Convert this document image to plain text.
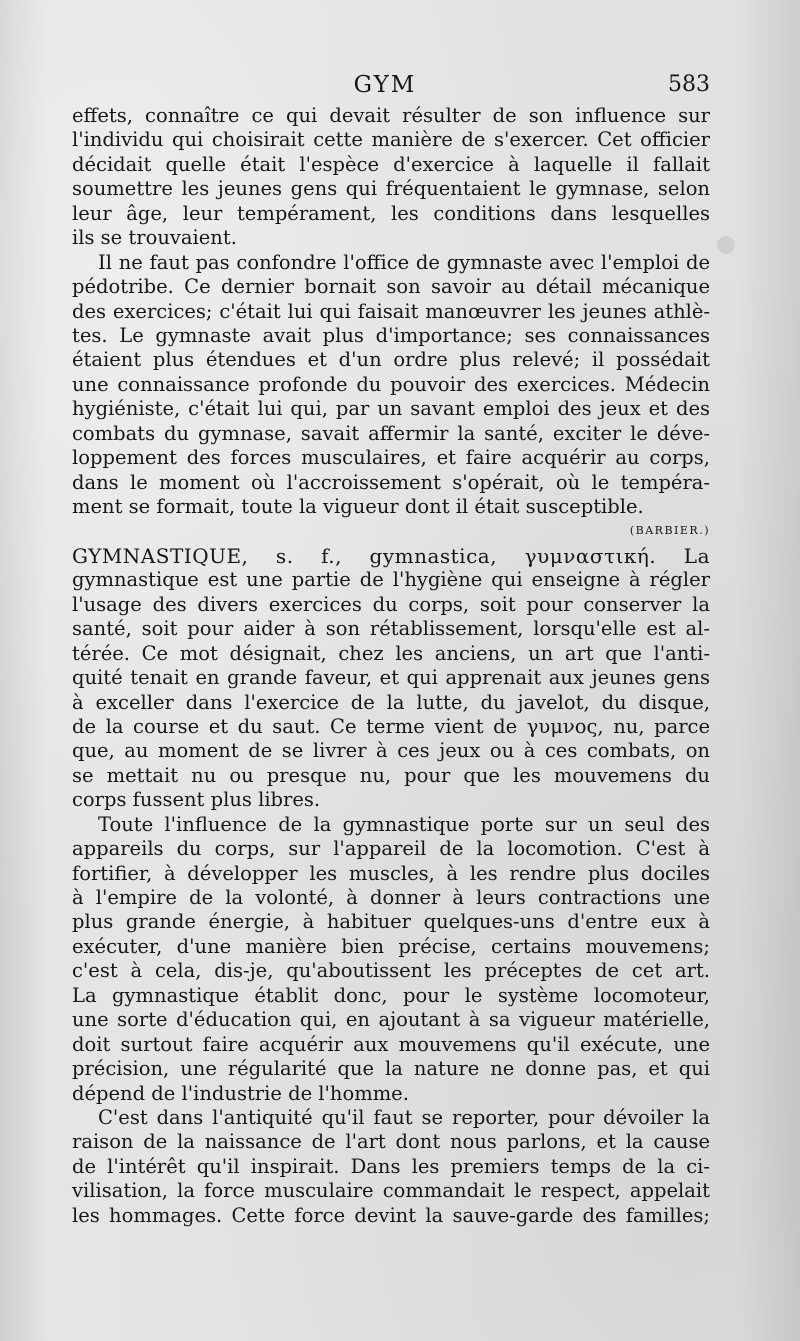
GYM	583
effets, connaître ce qui devait résulter de son influence sur
l'individu qui choisirait cette manière de s'exercer. Cet officier
décidait quelle était l'espèce d'exercice à laquelle il fallait
soumettre les jeunes gens qui fréquentaient le gymnase, selon
leur âge, leur tempérament, les conditions dans lesquelles
ils se trouvaient.
Il ne faut pas confondre l'office de gymnaste avec l'emploi de
pédotribe. Ce dernier bornait son savoir au détail mécanique
des exercices; c'était lui qui faisait manœuvrer les jeunes athlè-
tes. Le gymnaste avait plus d'importance; ses connaissances
étaient plus étendues et d'un ordre plus relevé; il possédait
une connaissance profonde du pouvoir des exercices. Médecin
hygiéniste, c'était lui qui, par un savant emploi des jeux et des
combats du gymnase, savait affermir la santé, exciter le déve-
loppement des forces musculaires, et faire acquérir au corps,
dans le moment où l'accroissement s'opérait, où le tempéra-
ment se formait, toute la vigueur dont il était susceptible.
(BARBIER.)
GYMNASTIQUE, s. f., gymnastica, γυμναστική. La
gymnastique est une partie de l'hygiène qui enseigne à régler
l'usage des divers exercices du corps, soit pour conserver la
santé, soit pour aider à son rétablissement, lorsqu'elle est al-
térée. Ce mot désignait, chez les anciens, un art que l'anti-
quité tenait en grande faveur, et qui apprenait aux jeunes gens
à exceller dans l'exercice de la lutte, du javelot, du disque,
de la course et du saut. Ce terme vient de γυμνος, nu, parce
que, au moment de se livrer à ces jeux ou à ces combats, on
se mettait nu ou presque nu, pour que les mouvemens du
corps fussent plus libres.
Toute l'influence de la gymnastique porte sur un seul des
appareils du corps, sur l'appareil de la locomotion. C'est à
fortifier, à développer les muscles, à les rendre plus dociles
à l'empire de la volonté, à donner à leurs contractions une
plus grande énergie, à habituer quelques-uns d'entre eux à
exécuter, d'une manière bien précise, certains mouvemens;
c'est à cela, dis-je, qu'aboutissent les préceptes de cet art.
La gymnastique établit donc, pour le système locomoteur,
une sorte d'éducation qui, en ajoutant à sa vigueur matérielle,
doit surtout faire acquérir aux mouvemens qu'il exécute, une
précision, une régularité que la nature ne donne pas, et qui
dépend de l'industrie de l'homme.
C'est dans l'antiquité qu'il faut se reporter, pour dévoiler la
raison de la naissance de l'art dont nous parlons, et la cause
de l'intérêt qu'il inspirait. Dans les premiers temps de la ci-
vilisation, la force musculaire commandait le respect, appelait
les hommages. Cette force devint la sauve-garde des familles;
